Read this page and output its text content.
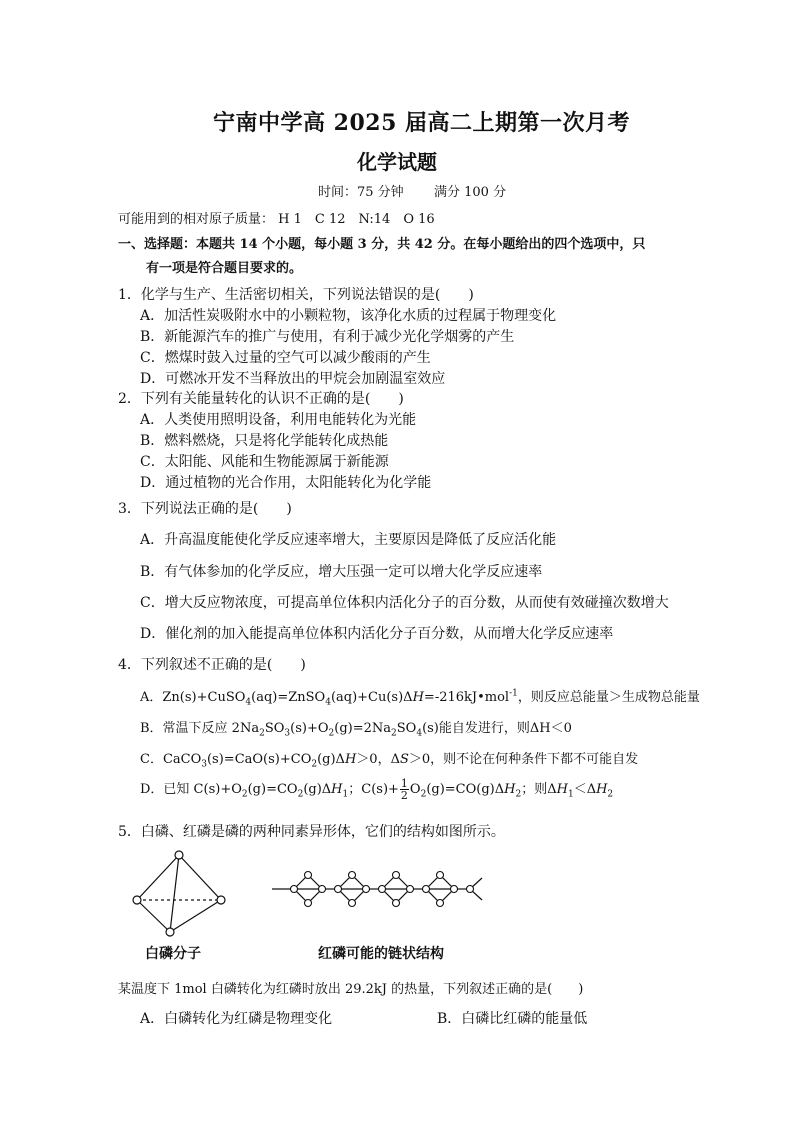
宁南中学高 2025 届高二上期第一次月考
化学试题
时间：75 分钟 满分 100 分
可能用到的相对原子质量： H 1　C 12　N:14　O 16
一、选择题：本题共 14 个小题，每小题 3 分，共 42 分。在每小题给出的四个选项中，只
有一项是符合题目要求的。
1．化学与生产、生活密切相关，下列说法错误的是(　　)
A．加活性炭吸附水中的小颗粒物，该净化水质的过程属于物理变化
B．新能源汽车的推广与使用，有利于减少光化学烟雾的产生
C．燃煤时鼓入过量的空气可以减少酸雨的产生
D．可燃冰开发不当释放出的甲烷会加剧温室效应
2．下列有关能量转化的认识不正确的是(　　)
A．人类使用照明设备，利用电能转化为光能
B．燃料燃烧，只是将化学能转化成热能
C．太阳能、风能和生物能源属于新能源
D．通过植物的光合作用，太阳能转化为化学能
3．下列说法正确的是(　　)
A．升高温度能使化学反应速率增大，主要原因是降低了反应活化能
B．有气体参加的化学反应，增大压强一定可以增大化学反应速率
C．增大反应物浓度，可提高单位体积内活化分子的百分数，从而使有效碰撞次数增大
D．催化剂的加入能提高单位体积内活化分子百分数，从而增大化学反应速率
4．下列叙述不正确的是(　　)
A．Zn(s)+CuSO$_4$(aq)=ZnSO$_4$(aq)+Cu(s)ΔH=-216kJ•mol$^{-1}$，则反应总能量＞生成物总能量
B．常温下反应 $2Na_2SO_3(s)+O_2(g)=2Na_2SO_4(s)$能自发进行，则ΔH＜0
C．$CaCO_3(s)=CaO(s)+CO_2(g)\Delta H>0$，ΔS＞0，则不论在何种条件下都不可能自发
D．已知 $C(s)+O_2(g)=CO_2(g)\Delta H_1$；$C(s)+ \frac{1}{2} O_2(g)=CO(g)\Delta H_2$；则$\Delta H_1<\Delta H_2$
5．白磷、红磷是磷的两种同素异形体，它们的结构如图所示。
白磷分子	红磷可能的链状结构
某温度下 1mol 白磷转化为红磷时放出 29.2kJ 的热量，下列叙述正确的是(　　)
A．白磷转化为红磷是物理变化	B．白磷比红磷的能量低
